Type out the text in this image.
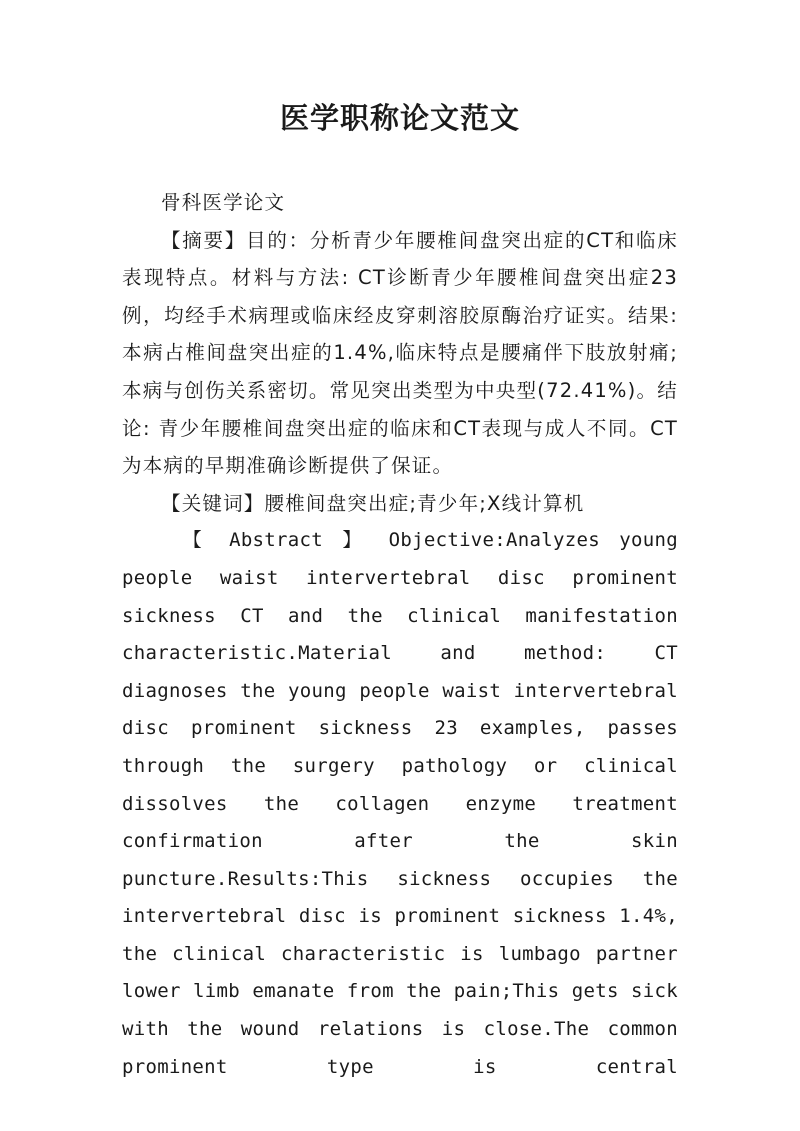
医学职称论文范文

骨科医学论文

【摘要】目的：分析青少年腰椎间盘突出症的CT和临床表现特点。材料与方法: CT诊断青少年腰椎间盘突出症23例，均经手术病理或临床经皮穿刺溶胶原酶治疗证实。结果: 本病占椎间盘突出症的1.4%,临床特点是腰痛伴下肢放射痛;本病与创伤关系密切。常见突出类型为中央型(72.41%)。结论: 青少年腰椎间盘突出症的临床和CT表现与成人不同。CT为本病的早期准确诊断提供了保证。

【关键词】腰椎间盘突出症;青少年;X线计算机

【 Abstract 】 Objective:Analyzes young people waist intervertebral disc prominent sickness CT and the clinical manifestation characteristic.Material and method: CT diagnoses the young people waist intervertebral disc prominent sickness 23 examples, passes through the surgery pathology or clinical dissolves the collagen enzyme treatment confirmation after the skin puncture.Results:This sickness occupies the intervertebral disc is prominent sickness 1.4%, the clinical characteristic is lumbago partner lower limb emanate from the pain;This gets sick with the wound relations is close.The common prominent type is central
